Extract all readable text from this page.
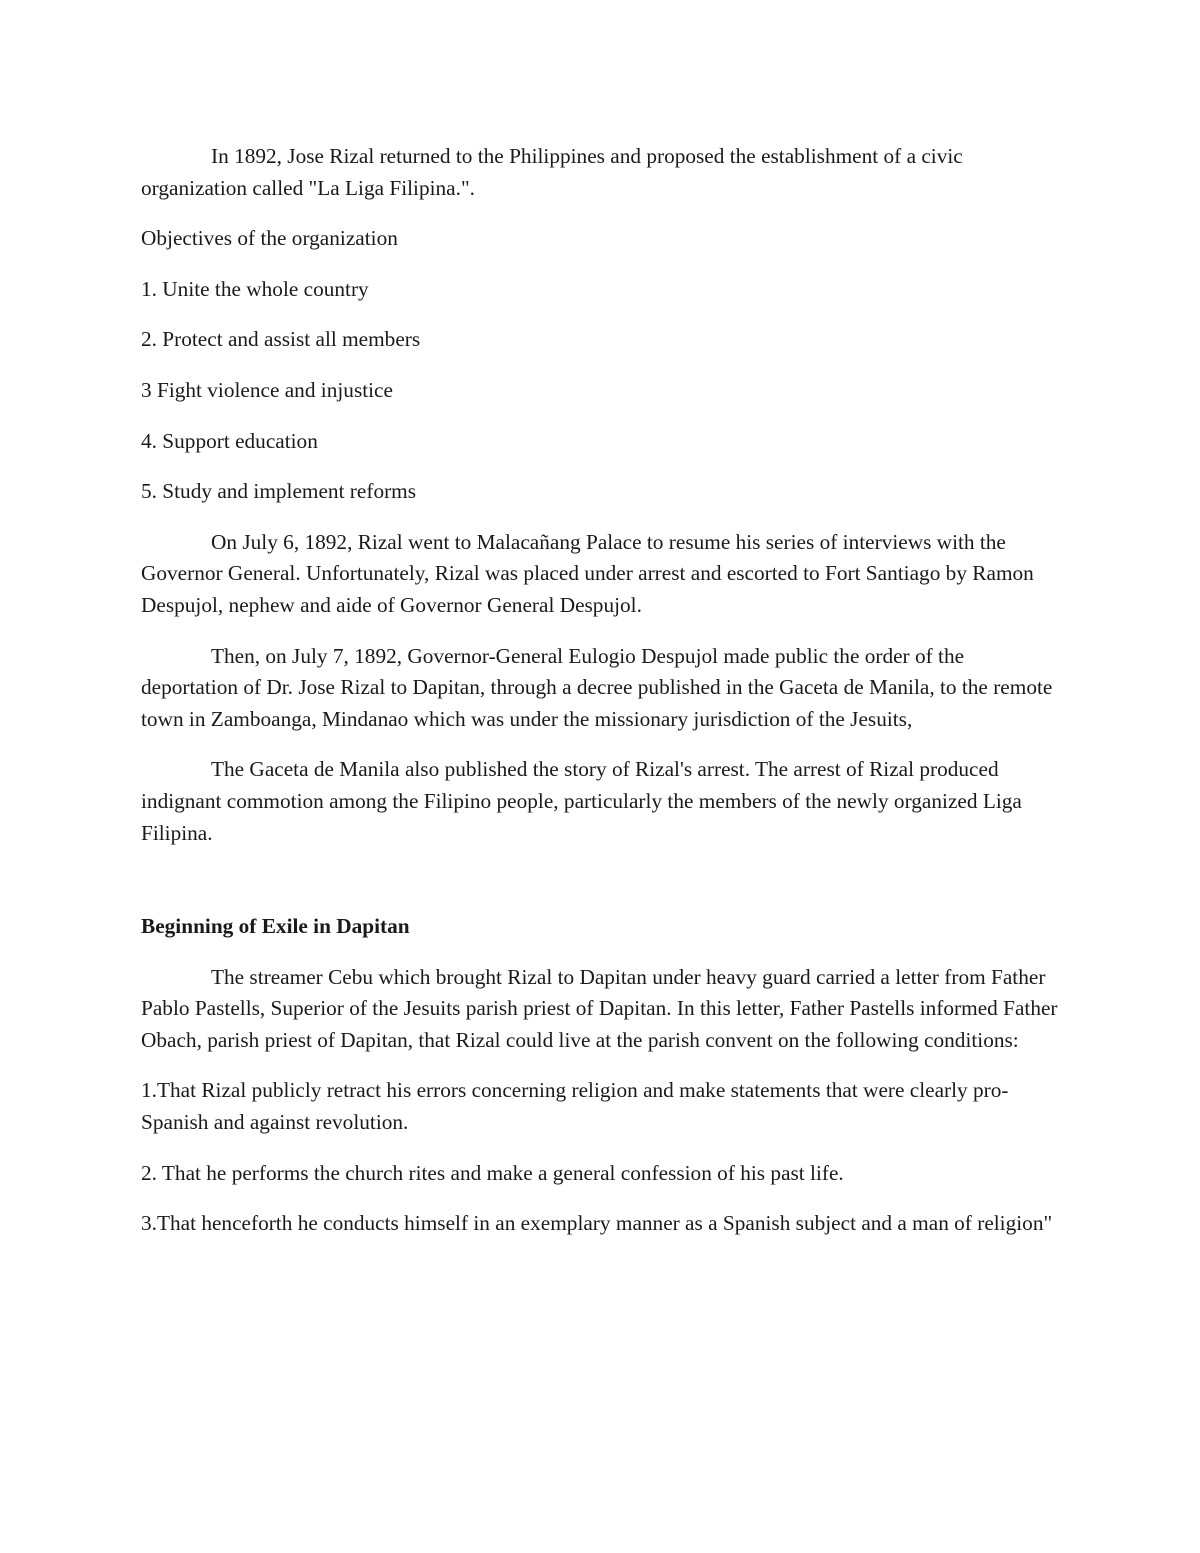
In 1892, Jose Rizal returned to the Philippines and proposed the establishment of a civic organization called "La Liga Filipina.".

Objectives of the organization

1. Unite the whole country

2. Protect and assist all members

3 Fight violence and injustice

4. Support education

5. Study and implement reforms

On July 6, 1892, Rizal went to Malacañang Palace to resume his series of interviews with the Governor General. Unfortunately, Rizal was placed under arrest and escorted to Fort Santiago by Ramon Despujol, nephew and aide of Governor General Despujol.

Then, on July 7, 1892, Governor-General Eulogio Despujol made public the order of the deportation of Dr. Jose Rizal to Dapitan, through a decree published in the Gaceta de Manila, to the remote town in Zamboanga, Mindanao which was under the missionary jurisdiction of the Jesuits,

The Gaceta de Manila also published the story of Rizal's arrest. The arrest of Rizal produced indignant commotion among the Filipino people, particularly the members of the newly organized Liga Filipina.

Beginning of Exile in Dapitan

The streamer Cebu which brought Rizal to Dapitan under heavy guard carried a letter from Father Pablo Pastells, Superior of the Jesuits parish priest of Dapitan. In this letter, Father Pastells informed Father Obach, parish priest of Dapitan, that Rizal could live at the parish convent on the following conditions:

1.That Rizal publicly retract his errors concerning religion and make statements that were clearly pro-Spanish and against revolution.

2. That he performs the church rites and make a general confession of his past life.

3.That henceforth he conducts himself in an exemplary manner as a Spanish subject and a man of religion"
